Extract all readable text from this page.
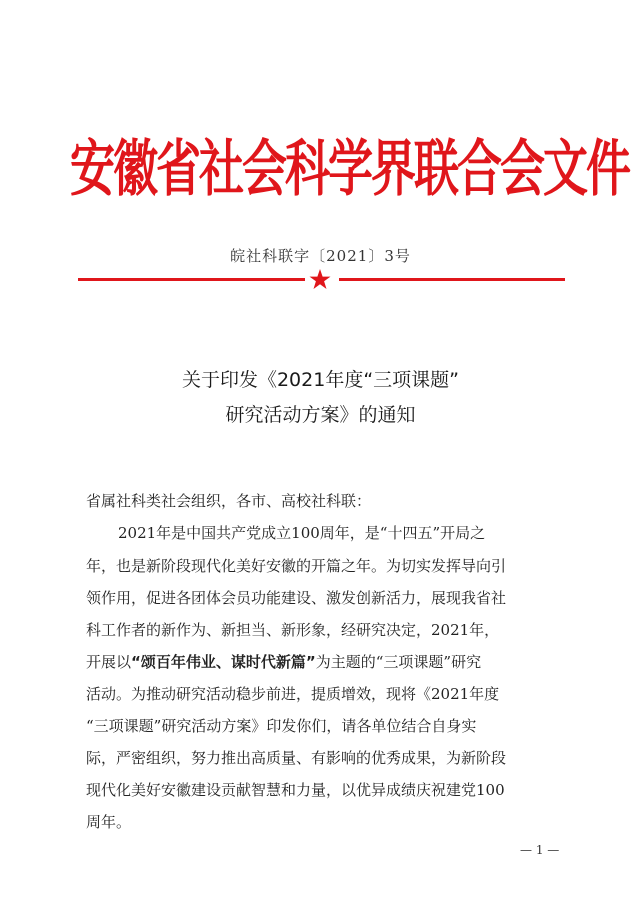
安徽省社会科学界联合会文件
皖社科联字〔2021〕3号
关于印发《2021年度“三项课题”
研究活动方案》的通知
省属社科类社会组织，各市、高校社科联：
2021年是中国共产党成立100周年，是“十四五”开局之
年，也是新阶段现代化美好安徽的开篇之年。为切实发挥导向引
领作用，促进各团体会员功能建设、激发创新活力，展现我省社
科工作者的新作为、新担当、新形象，经研究决定，2021年，
开展以“颂百年伟业、谋时代新篇”为主题的“三项课题”研究
活动。为推动研究活动稳步前进，提质增效，现将《2021年度
“三项课题”研究活动方案》印发你们，请各单位结合自身实
际，严密组织，努力推出高质量、有影响的优秀成果，为新阶段
现代化美好安徽建设贡献智慧和力量，以优异成绩庆祝建党100
周年。
— 1 —
